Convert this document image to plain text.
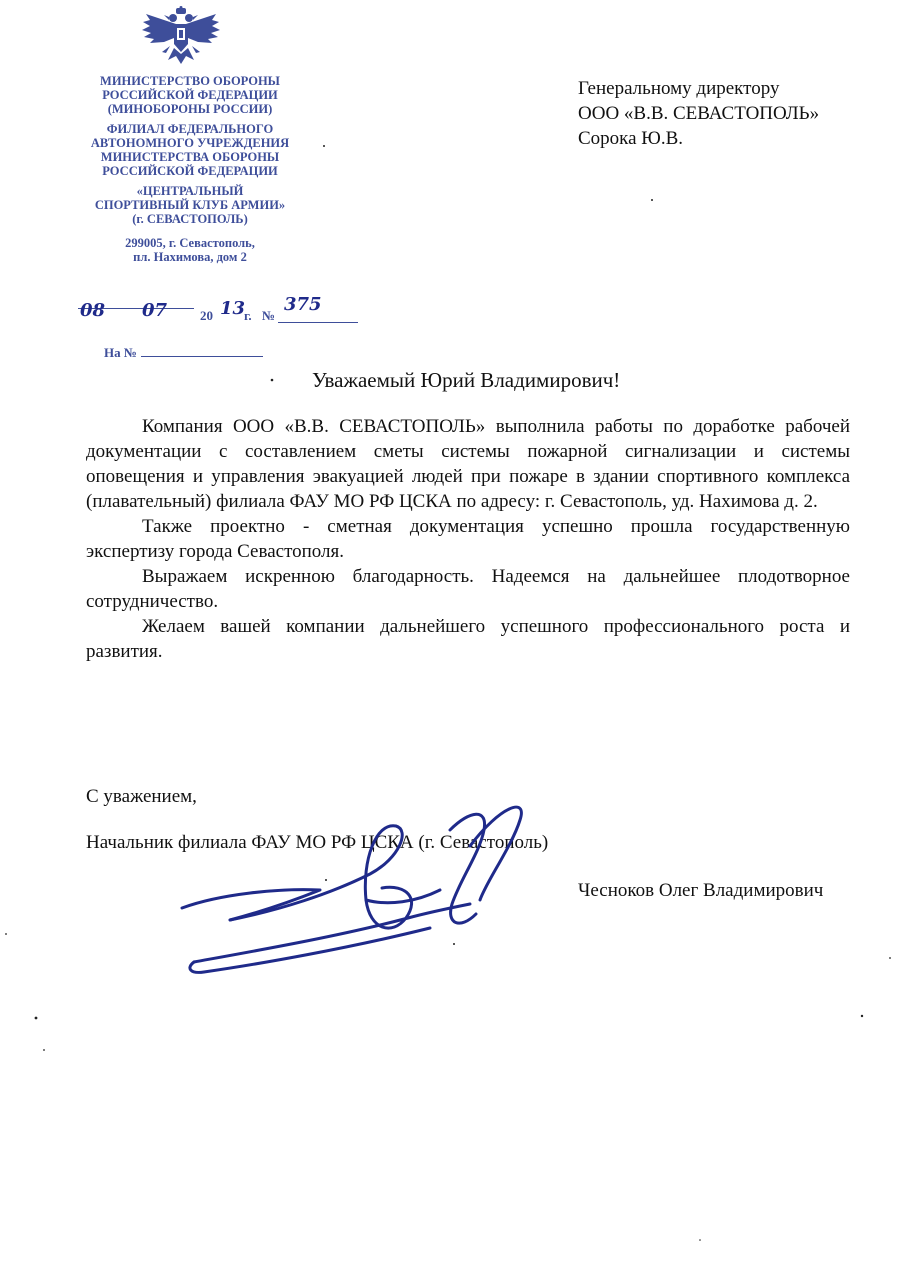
МИНИСТЕРСТВО ОБОРОНЫ
РОССИЙСКОЙ ФЕДЕРАЦИИ
(МИНОБОРОНЫ РОССИИ)
ФИЛИАЛ ФЕДЕРАЛЬНОГО
АВТОНОМНОГО УЧРЕЖДЕНИЯ
МИНИСТЕРСТВА ОБОРОНЫ
РОССИЙСКОЙ ФЕДЕРАЦИИ
«ЦЕНТРАЛЬНЫЙ
СПОРТИВНЫЙ КЛУБ АРМИИ»
(г. СЕВАСТОПОЛЬ)
299005, г. Севастополь,
пл. Нахимова, дом 2
08 07	20 13
г. №
375
На №
Генеральному директору
ООО «В.В. СЕВАСТОПОЛЬ»
Сорока Ю.В.
Уважаемый Юрий Владимирович!

Компания ООО «В.В. СЕВАСТОПОЛЬ» выполнила работы по доработке рабочей документации с составлением сметы системы пожарной сигнализации и системы оповещения и управления эвакуацией людей при пожаре в здании спортивного комплекса (плавательный) филиала ФАУ МО РФ ЦСКА по адресу: г. Севастополь, уд. Нахимова д. 2.

Также проектно - сметная документация успешно прошла государственную экспертизу города Севастополя.

Выражаем искренною благодарность. Надеемся на дальнейшее плодотворное сотрудничество.

Желаем вашей компании дальнейшего успешного профессионального роста и развития.

С уважением,
Начальник филиала ФАУ МО РФ ЦСКА (г. Севастополь)
Чесноков Олег Владимирович
